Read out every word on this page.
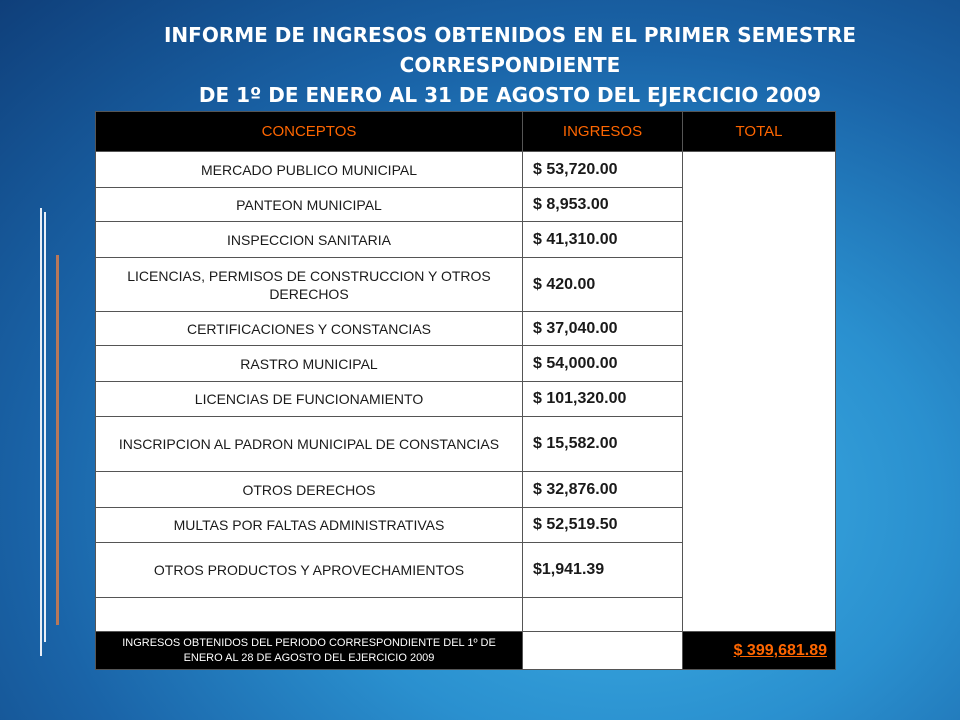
INFORME DE INGRESOS OBTENIDOS EN EL PRIMER SEMESTRE CORRESPONDIENTE
DE 1º DE ENERO AL 31 DE AGOSTO DEL EJERCICIO 2009
CONCEPTOS	INGRESOS	TOTAL
MERCADO PUBLICO MUNICIPAL	$ 53,720.00	
PANTEON MUNICIPAL	$ 8,953.00	
INSPECCION SANITARIA	$ 41,310.00	
LICENCIAS, PERMISOS DE CONSTRUCCION Y OTROS DERECHOS	$ 420.00	
CERTIFICACIONES Y CONSTANCIAS	$ 37,040.00	
RASTRO MUNICIPAL	$ 54,000.00	
LICENCIAS DE FUNCIONAMIENTO	$ 101,320.00	
INSCRIPCION AL PADRON MUNICIPAL DE CONSTANCIAS	$ 15,582.00	
OTROS DERECHOS	$ 32,876.00	
MULTAS POR FALTAS ADMINISTRATIVAS	$ 52,519.50	
OTROS PRODUCTOS Y APROVECHAMIENTOS	$1,941.39	

INGRESOS OBTENIDOS DEL PERIODO CORRESPONDIENTE DEL 1º DE ENERO AL 28 DE AGOSTO DEL EJERCICIO 2009		$ 399,681.89
